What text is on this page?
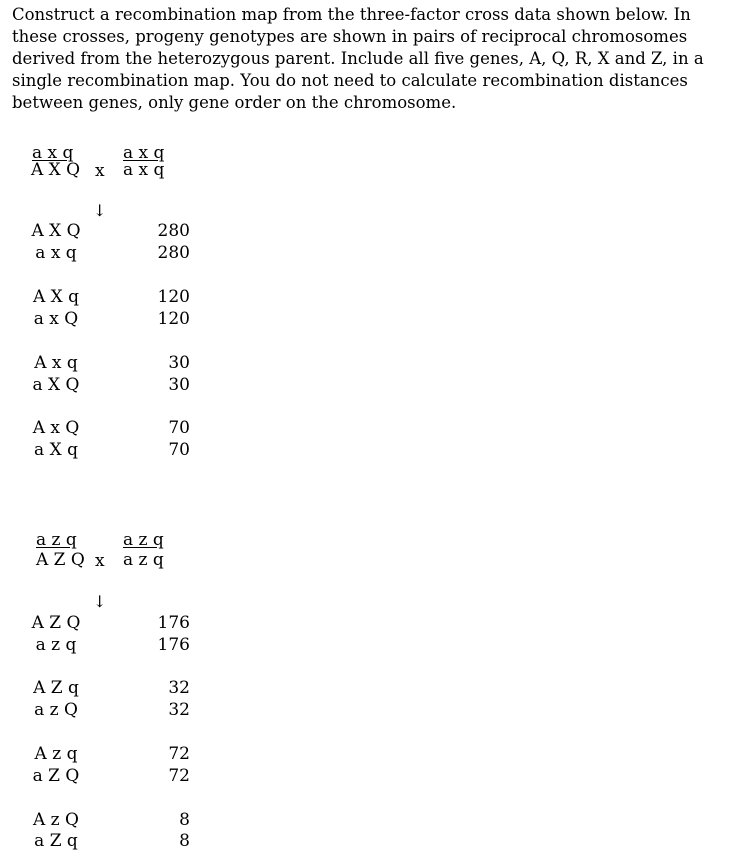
Construct a recombination map from the three-factor cross data shown below. In these crosses, progeny genotypes are shown in pairs of reciprocal chromosomes derived from the heterozygous parent. Include all five genes, A, Q, R, X and Z, in a single recombination map. You do not need to calculate recombination distances between genes, only gene order on the chromosome.

a x q
A X Q x
a x q
a x q
↓
A X Q
a x q
280
280
A X q
a x Q
120
120
A x q
a X Q
30
30
A x Q
a X q
70
70
a z q
A Z Q x
a z q
a z q
↓
A Z Q
a z q
176
176
A Z q
a z Q
32
32
A z q
a Z Q
72
72
A z Q
a Z q
8
8
